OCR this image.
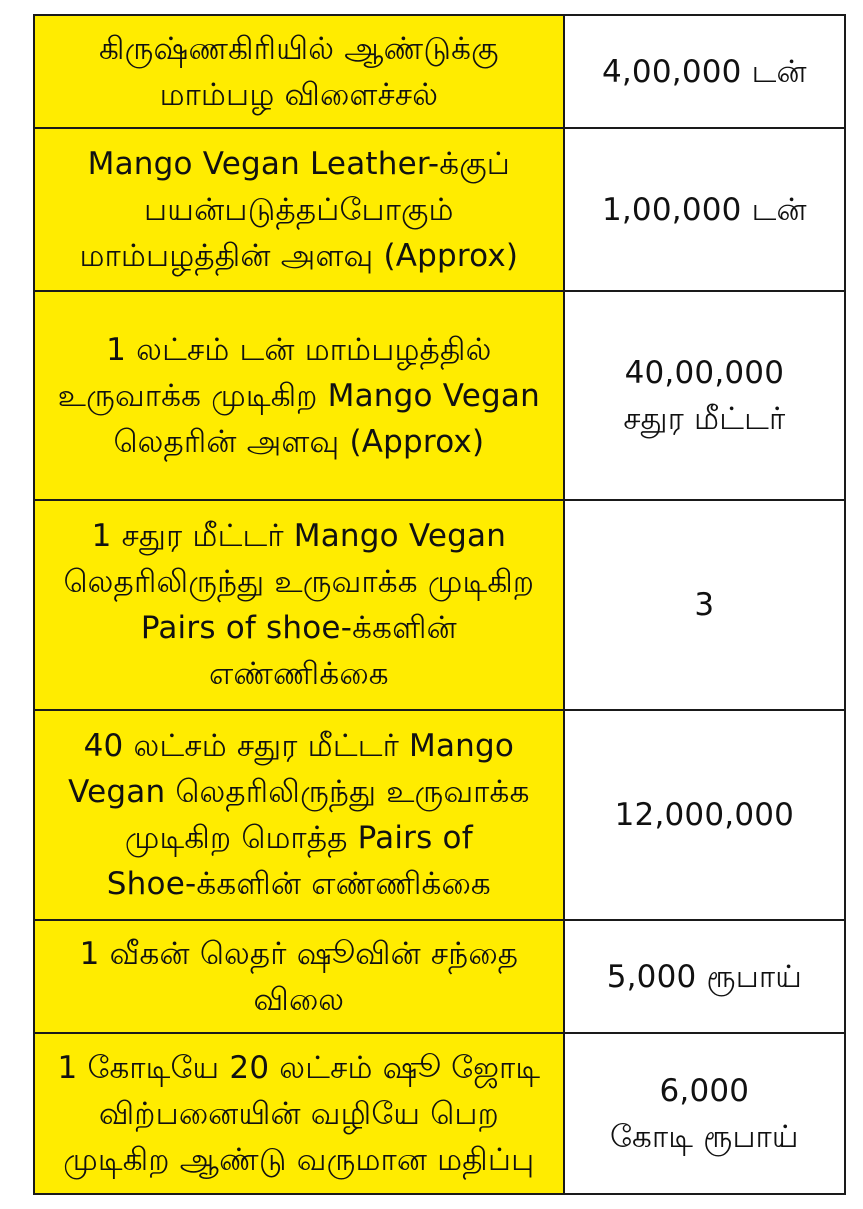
கிருஷ்ணகிரியில் ஆண்டுக்கு
மாம்பழ விளைச்சல்	4,00,000 டன்

Mango Vegan Leather-க்குப்
பயன்படுத்தப்போகும்
மாம்பழத்தின் அளவு (Approx)	1,00,000 டன்

1 லட்சம் டன் மாம்பழத்தில்
உருவாக்க முடிகிற Mango Vegan
லெதரின் அளவு (Approx)	40,00,000
சதுர மீட்டர்

1 சதுர மீட்டர் Mango Vegan
லெதரிலிருந்து உருவாக்க முடிகிற
Pairs of shoe-க்களின்
எண்ணிக்கை	3

40 லட்சம் சதுர மீட்டர் Mango
Vegan லெதரிலிருந்து உருவாக்க
முடிகிற மொத்த Pairs of
Shoe-க்களின் எண்ணிக்கை	12,000,000

1 வீகன் லெதர் ஷூவின் சந்தை
விலை	5,000 ரூபாய்

1 கோடியே 20 லட்சம் ஷூ ஜோடி
விற்பனையின் வழியே பெற
முடிகிற ஆண்டு வருமான மதிப்பு	6,000
கோடி ரூபாய்
